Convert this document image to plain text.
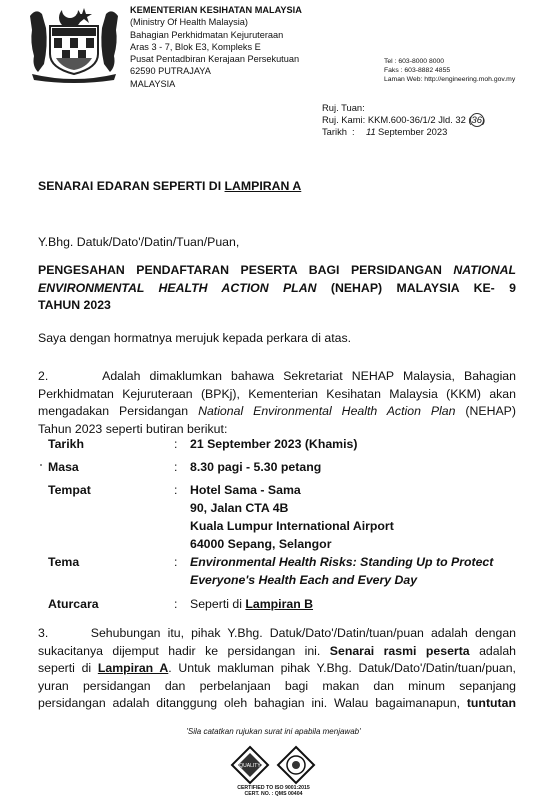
KEMENTERIAN KESIHATAN MALAYSIA
(Ministry Of Health Malaysia)
Bahagian Perkhidmatan Kejuruteraan
Aras 3 - 7, Blok E3, Kompleks E
Pusat Pentadbiran Kerajaan Persekutuan
62590 PUTRAJAYA
MALAYSIA
Tel : 603-8000 8000
Faks : 603-8882 4855
Laman Web: http://engineering.moh.gov.my
Ruj. Tuan:
Ruj. Kami: KKM.600-36/1/2 Jld. 32 (36)
Tarikh : 11 September 2023
SENARAI EDARAN SEPERTI DI LAMPIRAN A
Y.Bhg. Datuk/Dato'/Datin/Tuan/Puan,
PENGESAHAN PENDAFTARAN PESERTA BAGI PERSIDANGAN NATIONAL
ENVIRONMENTAL HEALTH ACTION PLAN (NEHAP) MALAYSIA KE- 9
TAHUN 2023
Saya dengan hormatnya merujuk kepada perkara di atas.
2.      Adalah dimaklumkan bahawa Sekretariat NEHAP Malaysia, Bahagian
Perkhidmatan Kejuruteraan (BPKj), Kementerian Kesihatan Malaysia (KKM) akan
mengadakan Persidangan National Environmental Health Action Plan (NEHAP)
Tahun 2023 seperti butiran berikut:
Tarikh	: 21 September 2023 (Khamis)
Masa	: 8.30 pagi - 5.30 petang
Tempat	: Hotel Sama - Sama
90, Jalan CTA 4B
Kuala Lumpur International Airport
64000 Sepang, Selangor
Tema	: Environmental Health Risks: Standing Up to Protect
Everyone's Health Each and Every Day
Aturcara	: Seperti di Lampiran B
3.      Sehubungan itu, pihak Y.Bhg. Datuk/Dato'/Datin/tuan/puan adalah dengan
sukacitanya dijemput hadir ke persidangan ini. Senarai rasmi peserta adalah
seperti di Lampiran A. Untuk makluman pihak Y.Bhg. Datuk/Dato'/Datin/tuan/puan,
yuran persidangan dan perbelanjaan bagi makan dan minum sepanjang
persidangan adalah ditanggung oleh bahagian ini. Walau bagaimanapun, tuntutan
'Sila catatkan rujukan surat ini apabila menjawab'
QUALITY
CERTIFIED TO ISO 9001:2015
CERT. NO. : QMS 00404
